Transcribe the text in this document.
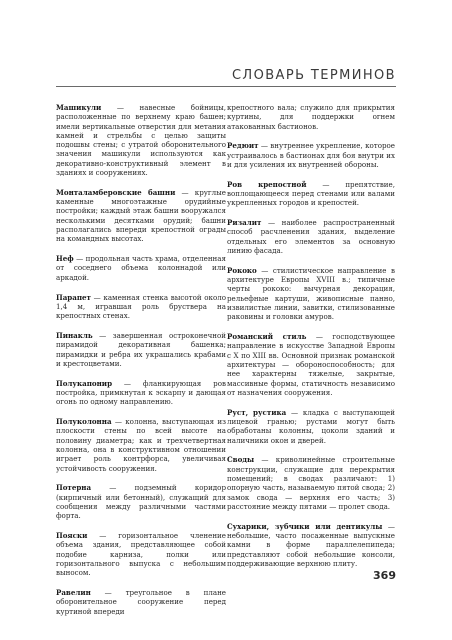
СЛОВАРЬ ТЕРМИНОВ

Машикули — навесные бойницы, расположенные по верхнему краю башен; имели вертикальные отверстия для метания камней и стрельбы с целью защиты подошвы стены; с утратой оборонительного значения машикули используются как декоративно-конструктивный элемент в зданиях и сооружениях.

Монталамберовские башни — круглые каменные многоэтажные орудийные постройки; каждый этаж башни вооружался несколькими десятками орудий; башни располагались впереди крепостной ограды на командных высотах.

Неф — продольная часть храма, отделенная от соседнего объема колоннадой или аркадой.

Парапет — каменная стенка высотой около 1,4 м, игравшая роль бруствера на крепостных стенах.

Пинакль — завершенная остроконечной пирамидой декоративная башенка; пирамидки и ребра их украшались крабами и крестоцветами.

Полукапонир — фланкирующая ров постройка, примкнутая к эскарпу и дающая огонь по одному направлению.

Полуколонна — колонна, выступающая из плоскости стены по всей высоте на половину диаметра; как и трехчетвертная колонна, она в конструктивном отношении играет роль контрфорса, увеличивая устойчивость сооружения.

Потерна — подземный коридор (кирпичный или бетонный), служащий для сообщения между различными частями форта.

Пояски — горизонтальное членение объема здания, представляющее собой подобие карниза, полки или горизонтального выпуска с небольшим выносом.

Равелин — треугольное в плане оборонительное сооружение перед куртиной впереди

крепостного вала; служило для прикрытия куртины, для поддержки огнем атакованных бастионов.

Редюит — внутреннее укрепление, которое устраивалось в бастионах для боя внутри их и для усиления их внутренней обороны.

Ров крепостной — препятствие, воплощающееся перед стенами или валами укрепленных городов и крепостей.

Ризалит — наиболее распространенный способ расчленения здания, выделение отдельных его элементов за основную линию фасада.

Рококо — стилистическое направление в архитектуре Европы XVIII в.; типичные черты рококо: вычурная декорация, рельефные картуши, живописные панно, извилистые линии, завитки, стилизованные раковины и головки амуров.

Романский стиль — господствующее направление в искусстве Западной Европы с X по XIII вв. Основной признак романской архитектуры — обороноспособность; для нее характерны тяжелые, закрытые, массивные формы, статичность независимо от назначения сооружения.

Руст, рустика — кладка с выступающей лицевой гранью; рустами могут быть обработаны колонны, цоколи зданий и наличники окон и дверей.

Своды — криволинейные строительные конструкции, служащие для перекрытия помещений; в сводах различают: 1) опорную часть, называемую пятой свода; 2) замок свода — верхняя его часть; 3) расстояние между пятами — пролет свода.

Сухарики, зубчики или дентикулы — небольшие, часто посаженные выпускные камни в форме параллелепипеда; представляют собой небольшие консоли, поддерживающие верхнюю плиту.

369
